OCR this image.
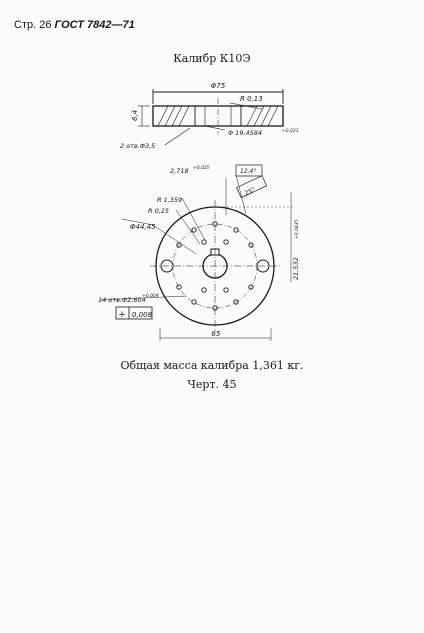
Стр. 26 ГОСТ 7842—71
Калибр К10Э
Φ75
R 0,13
6,4
Φ 19,4584	+0,021
2 отв.Φ3,5
2,718 +0,025	12,4°
25°
R 1,359
R 0,25
Φ44,45
21,532
+0,0835
14 отв.Φ2,604
+0,004
+ 0,008
65
Общая масса калибра 1,361 кг.
Черт. 45
